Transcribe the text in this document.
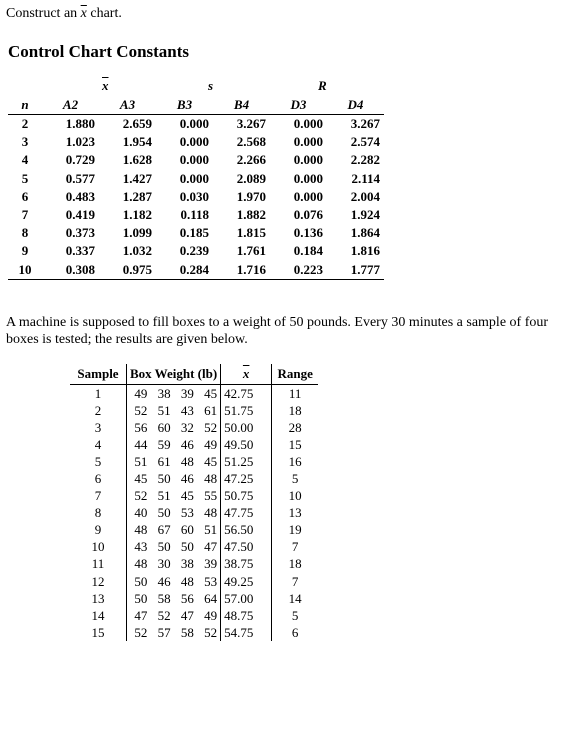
Construct an $\overline{x}$ chart.
Control Chart Constants
$\overline{x}$	s	R
n	A2	A3	B3	B4	D3	D4
2	1.880	2.659	0.000	3.267	0.000	3.267
3	1.023	1.954	0.000	2.568	0.000	2.574
4	0.729	1.628	0.000	2.266	0.000	2.282
5	0.577	1.427	0.000	2.089	0.000	2.114
6	0.483	1.287	0.030	1.970	0.000	2.004
7	0.419	1.182	0.118	1.882	0.076	1.924
8	0.373	1.099	0.185	1.815	0.136	1.864
9	0.337	1.032	0.239	1.761	0.184	1.816
10	0.308	0.975	0.284	1.716	0.223	1.777
A machine is supposed to fill boxes to a weight of 50 pounds. Every 30 minutes a sample of four boxes is tested; the results are given below.
Sample	Box Weight (lb)				$\overline{x}$	Range
1	49	38	39	45	42.75	11
2	52	51	43	61	51.75	18
3	56	60	32	52	50.00	28
4	44	59	46	49	49.50	15
5	51	61	48	45	51.25	16
6	45	50	46	48	47.25	5
7	52	51	45	55	50.75	10
8	40	50	53	48	47.75	13
9	48	67	60	51	56.50	19
10	43	50	50	47	47.50	7
11	48	30	38	39	38.75	18
12	50	46	48	53	49.25	7
13	50	58	56	64	57.00	14
14	47	52	47	49	48.75	5
15	52	57	58	52	54.75	6
